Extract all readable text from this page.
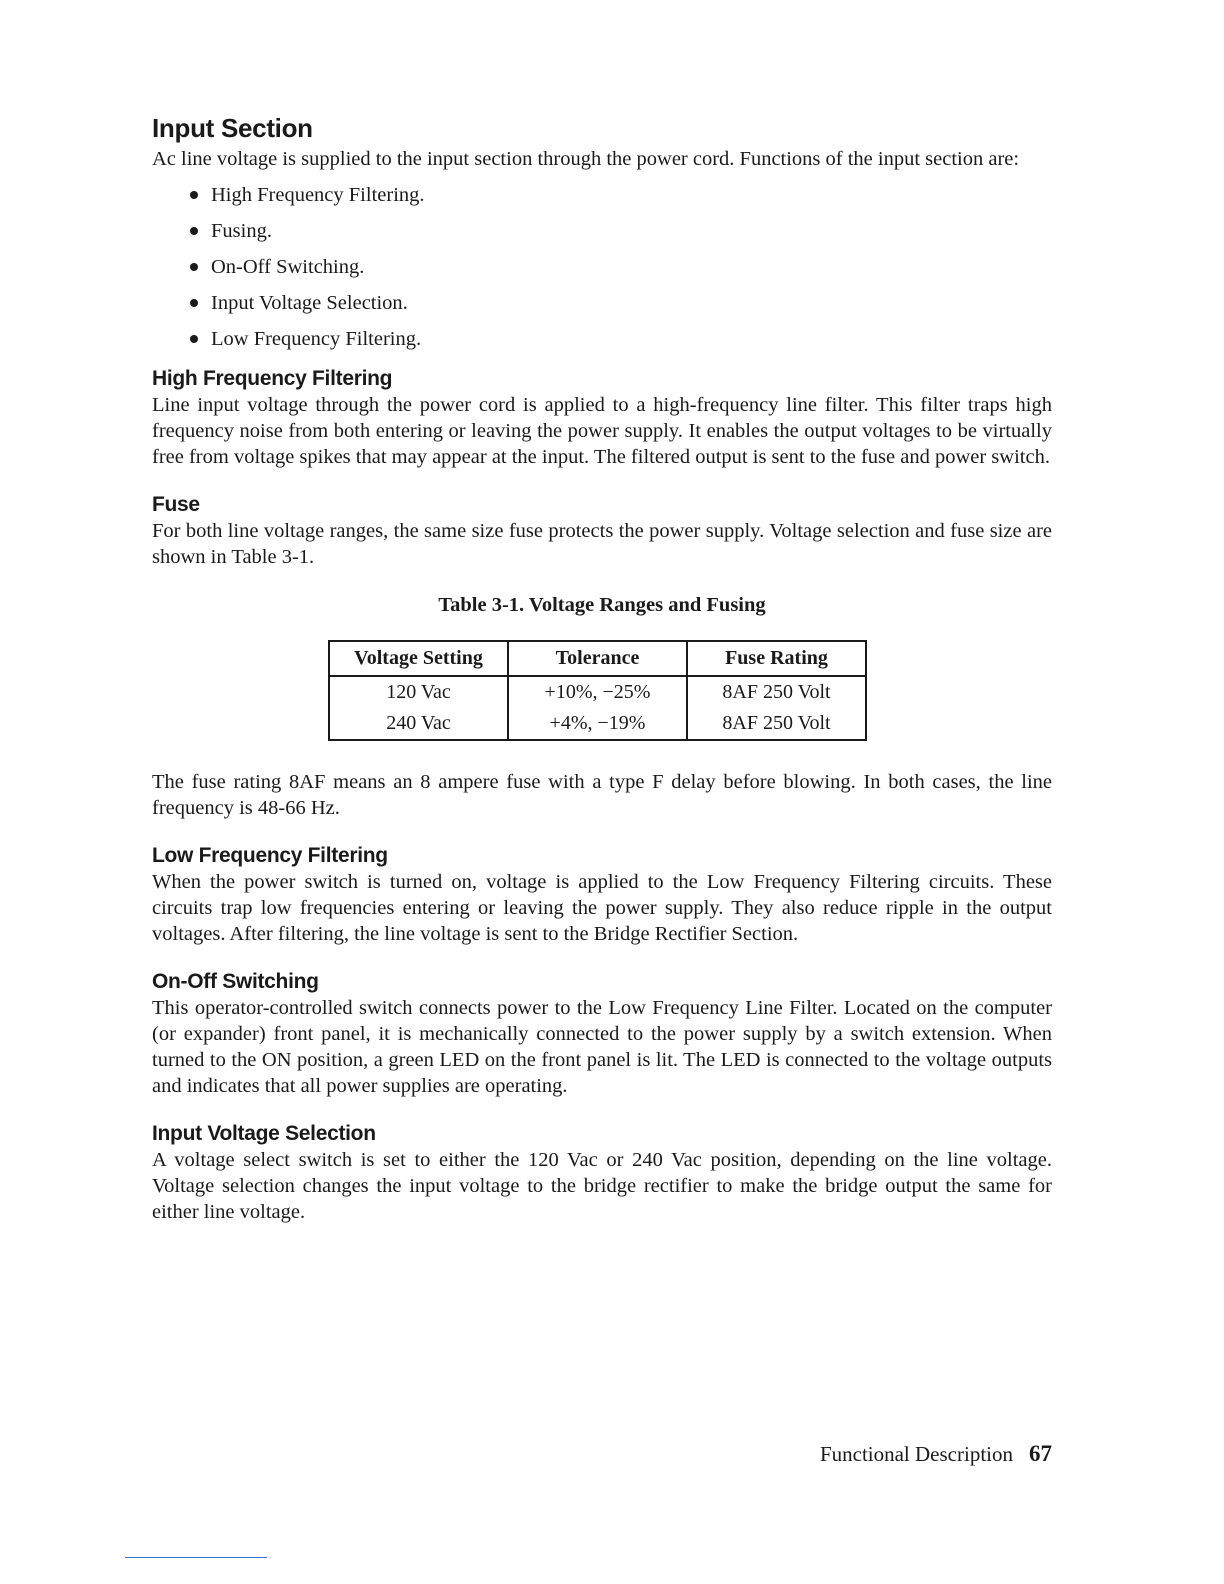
Input Section

Ac line voltage is supplied to the input section through the power cord. Functions of the input section are:

High Frequency Filtering.
Fusing.
On-Off Switching.
Input Voltage Selection.
Low Frequency Filtering.
High Frequency Filtering

Line input voltage through the power cord is applied to a high-frequency line filter. This filter traps high frequency noise from both entering or leaving the power supply. It enables the output voltages to be virtually free from voltage spikes that may appear at the input. The filtered output is sent to the fuse and power switch.

Fuse

For both line voltage ranges, the same size fuse protects the power supply. Voltage selection and fuse size are shown in Table 3-1.

Table 3-1. Voltage Ranges and Fusing

Voltage Setting	Tolerance	Fuse Rating
120 Vac	+10%, −25%	8AF 250 Volt
240 Vac	+4%, −19%	8AF 250 Volt

The fuse rating 8AF means an 8 ampere fuse with a type F delay before blowing. In both cases, the line frequency is 48-66 Hz.

Low Frequency Filtering

When the power switch is turned on, voltage is applied to the Low Frequency Filtering circuits. These circuits trap low frequencies entering or leaving the power supply. They also reduce ripple in the output voltages. After filtering, the line voltage is sent to the Bridge Rectifier Section.

On-Off Switching

This operator-controlled switch connects power to the Low Frequency Line Filter. Located on the computer (or expander) front panel, it is mechanically connected to the power supply by a switch extension. When turned to the ON position, a green LED on the front panel is lit. The LED is connected to the voltage outputs and indicates that all power supplies are operating.

Input Voltage Selection

A voltage select switch is set to either the 120 Vac or 240 Vac position, depending on the line voltage. Voltage selection changes the input voltage to the bridge rectifier to make the bridge output the same for either line voltage.

Functional Description 67
